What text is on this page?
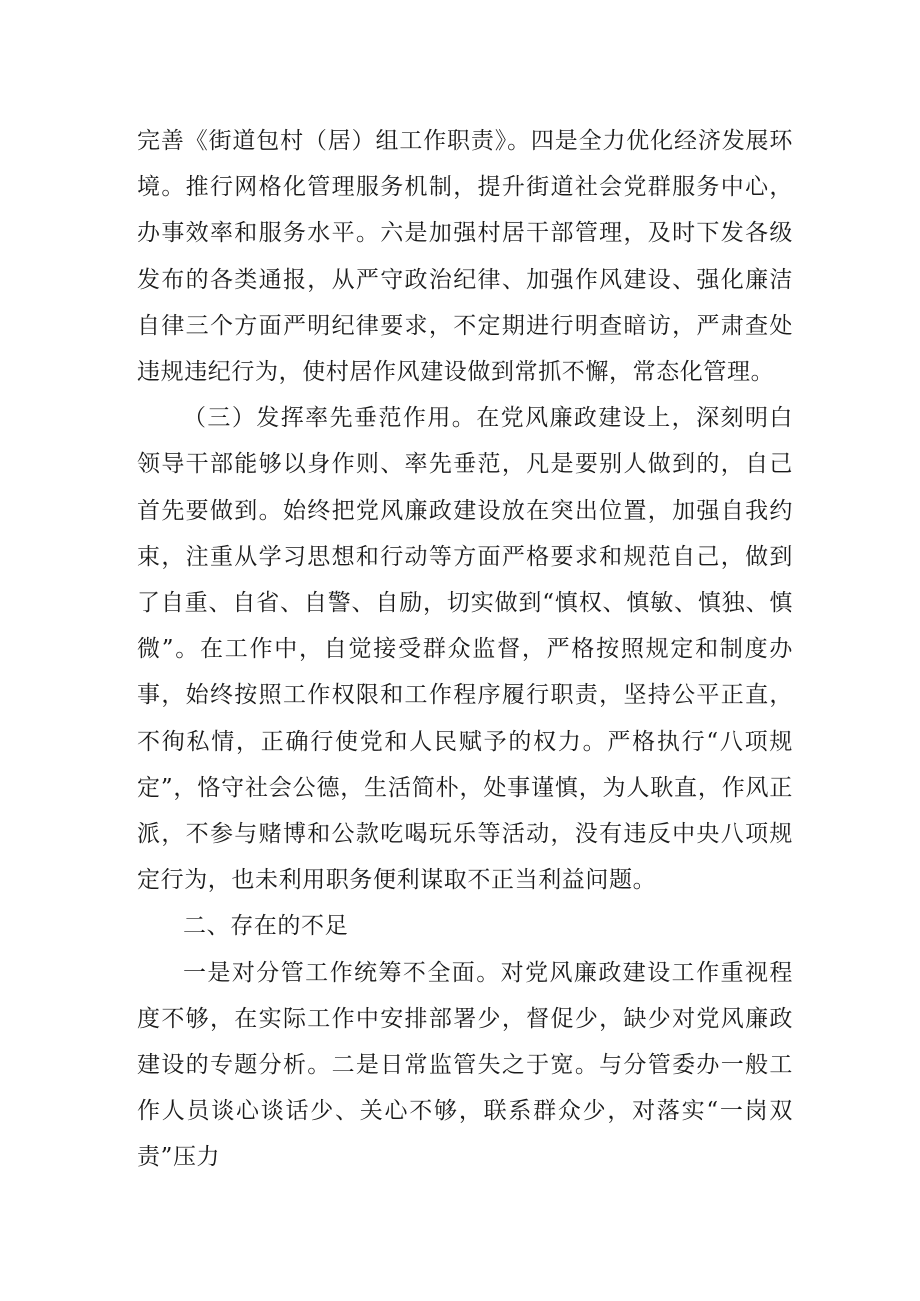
完善《街道包村（居）组工作职责》。四是全力优化经济发展环境。推行网格化管理服务机制，提升街道社会党群服务中心，办事效率和服务水平。六是加强村居干部管理，及时下发各级发布的各类通报，从严守政治纪律、加强作风建设、强化廉洁自律三个方面严明纪律要求，不定期进行明查暗访，严肃查处违规违纪行为，使村居作风建设做到常抓不懈，常态化管理。

（三）发挥率先垂范作用。在党风廉政建设上，深刻明白领导干部能够以身作则、率先垂范，凡是要别人做到的，自己首先要做到。始终把党风廉政建设放在突出位置，加强自我约束，注重从学习思想和行动等方面严格要求和规范自己，做到了自重、自省、自警、自励，切实做到“慎权、慎敏、慎独、慎微”。在工作中，自觉接受群众监督，严格按照规定和制度办事，始终按照工作权限和工作程序履行职责，坚持公平正直，不徇私情，正确行使党和人民赋予的权力。严格执行“八项规定”，恪守社会公德，生活简朴，处事谨慎，为人耿直，作风正派，不参与赌博和公款吃喝玩乐等活动，没有违反中央八项规定行为，也未利用职务便利谋取不正当利益问题。

二、存在的不足

一是对分管工作统筹不全面。对党风廉政建设工作重视程度不够，在实际工作中安排部署少，督促少，缺少对党风廉政建设的专题分析。二是日常监管失之于宽。与分管委办一般工作人员谈心谈话少、关心不够，联系群众少，对落实“一岗双责”压力
